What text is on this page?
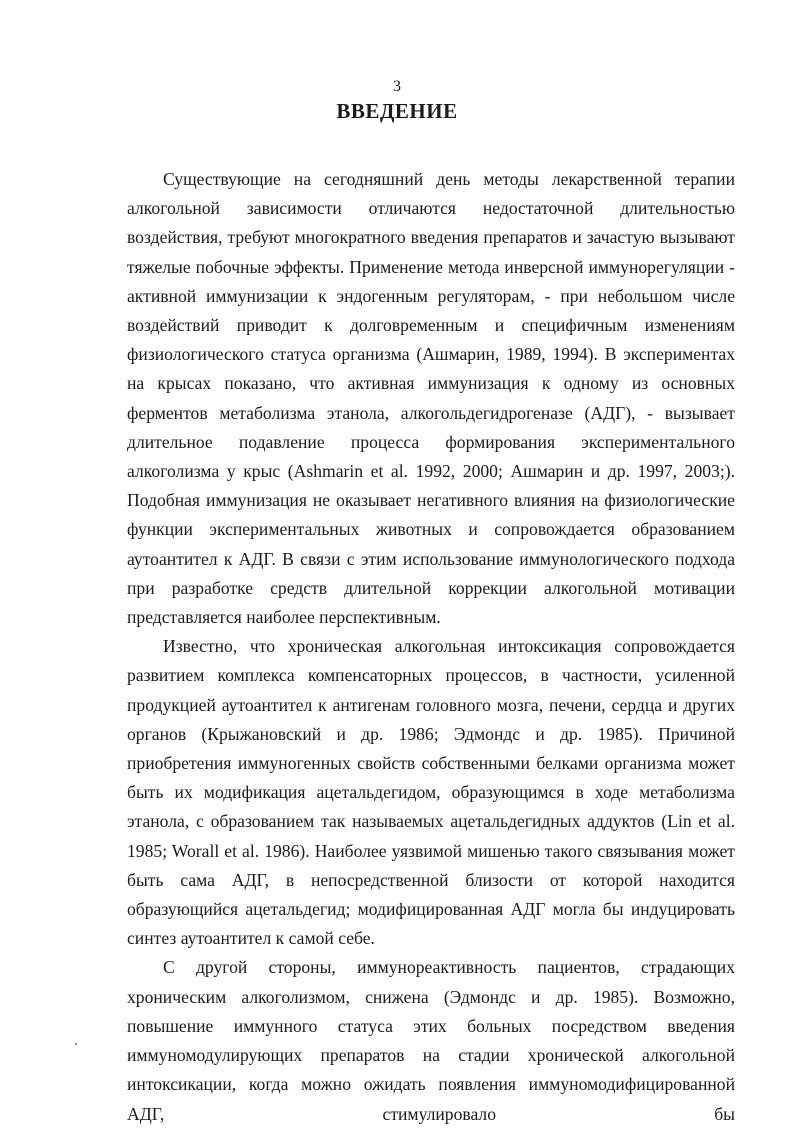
3
ВВЕДЕНИЕ

Существующие на сегодняшний день методы лекарственной терапии алкогольной зависимости отличаются недостаточной длительностью воздействия, требуют многократного введения препаратов и зачастую вызывают тяжелые побочные эффекты. Применение метода инверсной иммунорегуляции - активной иммунизации к эндогенным регуляторам, - при небольшом числе воздействий приводит к долговременным и специфичным изменениям физиологического статуса организма (Ашмарин, 1989, 1994). В экспериментах на крысах показано, что активная иммунизация к одному из основных ферментов метаболизма этанола, алкогольдегидрогеназе (АДГ), - вызывает длительное подавление процесса формирования экспериментального алкоголизма у крыс (Ashmarin et al. 1992, 2000; Ашмарин и др. 1997, 2003;). Подобная иммунизация не оказывает негативного влияния на физиологические функции экспериментальных животных и сопровождается образованием аутоантител к АДГ. В связи с этим использование иммунологического подхода при разработке средств длительной коррекции алкогольной мотивации представляется наиболее перспективным.

Известно, что хроническая алкогольная интоксикация сопровождается развитием комплекса компенсаторных процессов, в частности, усиленной продукцией аутоантител к антигенам головного мозга, печени, сердца и других органов (Крыжановский и др. 1986; Эдмондс и др. 1985). Причиной приобретения иммуногенных свойств собственными белками организма может быть их модификация ацетальдегидом, образующимся в ходе метаболизма этанола, с образованием так называемых ацетальдегидных аддуктов (Lin et al. 1985; Worall et al. 1986). Наиболее уязвимой мишенью такого связывания может быть сама АДГ, в непосредственной близости от которой находится образующийся ацетальдегид; модифицированная АДГ могла бы индуцировать синтез аутоантител к самой себе.

С другой стороны, иммунореактивность пациентов, страдающих хроническим алкоголизмом, снижена (Эдмондс и др. 1985). Возможно, повышение иммунного статуса этих больных посредством введения иммуномодулирующих препаратов на стадии хронической алкогольной интоксикации, когда можно ожидать появления иммуномодифицированной АДГ, стимулировало бы
